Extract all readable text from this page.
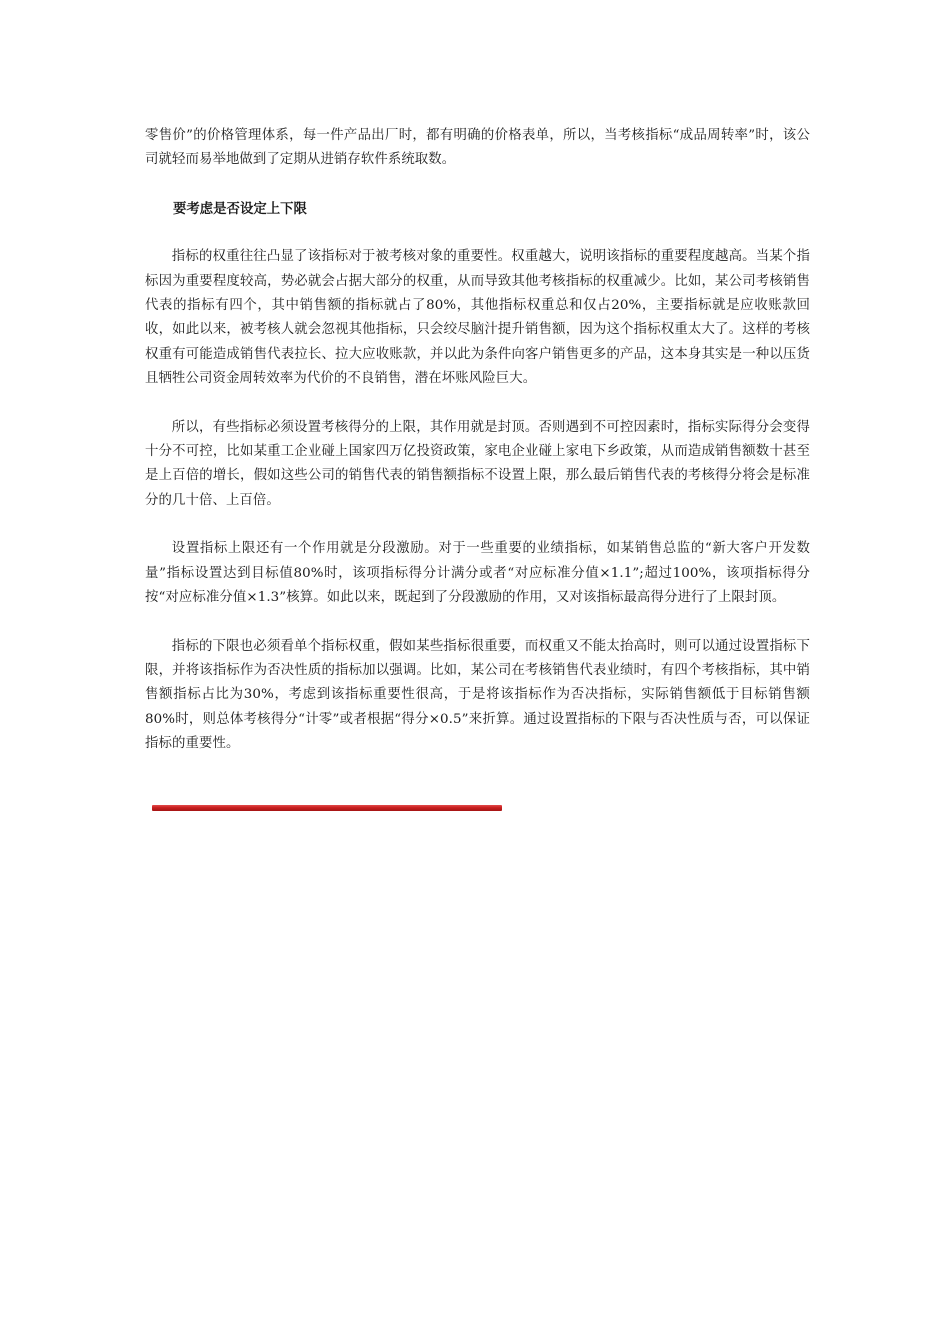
零售价”的价格管理体系，每一件产品出厂时，都有明确的价格表单，所以，当考核指标“成品周转率”时，该公司就轻而易举地做到了定期从进销存软件系统取数。

要考虑是否设定上下限

指标的权重往往凸显了该指标对于被考核对象的重要性。权重越大，说明该指标的重要程度越高。当某个指标因为重要程度较高，势必就会占据大部分的权重，从而导致其他考核指标的权重减少。比如，某公司考核销售代表的指标有四个，其中销售额的指标就占了80%，其他指标权重总和仅占20%，主要指标就是应收账款回收，如此以来，被考核人就会忽视其他指标，只会绞尽脑汁提升销售额，因为这个指标权重太大了。这样的考核权重有可能造成销售代表拉长、拉大应收账款，并以此为条件向客户销售更多的产品，这本身其实是一种以压货且牺牲公司资金周转效率为代价的不良销售，潜在坏账风险巨大。

所以，有些指标必须设置考核得分的上限，其作用就是封顶。否则遇到不可控因素时，指标实际得分会变得十分不可控，比如某重工企业碰上国家四万亿投资政策，家电企业碰上家电下乡政策，从而造成销售额数十甚至是上百倍的增长，假如这些公司的销售代表的销售额指标不设置上限，那么最后销售代表的考核得分将会是标准分的几十倍、上百倍。

设置指标上限还有一个作用就是分段激励。对于一些重要的业绩指标，如某销售总监的“新大客户开发数量”指标设置达到目标值80%时，该项指标得分计满分或者“对应标准分值×1.1”;超过100%，该项指标得分按“对应标准分值×1.3”核算。如此以来，既起到了分段激励的作用，又对该指标最高得分进行了上限封顶。

指标的下限也必须看单个指标权重，假如某些指标很重要，而权重又不能太抬高时，则可以通过设置指标下限，并将该指标作为否决性质的指标加以强调。比如，某公司在考核销售代表业绩时，有四个考核指标，其中销售额指标占比为30%，考虑到该指标重要性很高，于是将该指标作为否决指标，实际销售额低于目标销售额80%时，则总体考核得分“计零”或者根据“得分×0.5”来折算。通过设置指标的下限与否决性质与否，可以保证指标的重要性。
